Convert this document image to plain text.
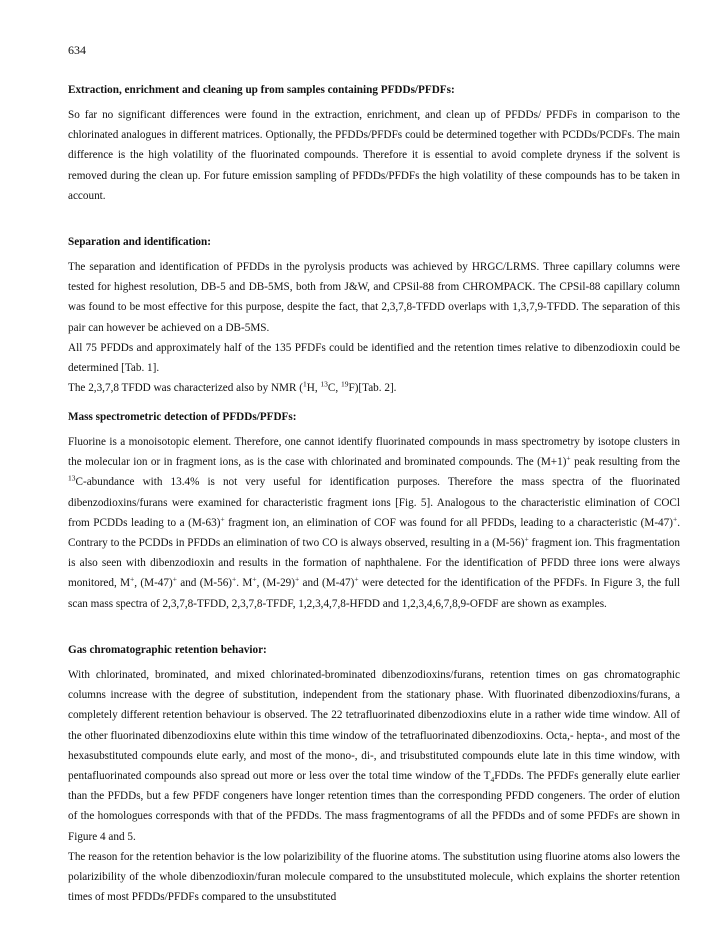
634
Extraction, enrichment and cleaning up from samples containing PFDDs/PFDFs:

So far no significant differences were found in the extraction, enrichment, and clean up of PFDDs/ PFDFs in comparison to the chlorinated analogues in different matrices. Optionally, the PFDDs/PFDFs could be determined together with PCDDs/PCDFs. The main difference is the high volatility of the fluorinated compounds. Therefore it is essential to avoid complete dryness if the solvent is removed during the clean up. For future emission sampling of PFDDs/PFDFs the high volatility of these compounds has to be taken in account.

Separation and identification:

The separation and identification of PFDDs in the pyrolysis products was achieved by HRGC/LRMS. Three capillary columns were tested for highest resolution, DB-5 and DB-5MS, both from J&W, and CPSil-88 from CHROMPACK. The CPSil-88 capillary column was found to be most effective for this purpose, despite the fact, that 2,3,7,8-TFDD overlaps with 1,3,7,9-TFDD. The separation of this pair can however be achieved on a DB-5MS.

All 75 PFDDs and approximately half of the 135 PFDFs could be identified and the retention times relative to dibenzodioxin could be determined [Tab. 1].

The 2,3,7,8 TFDD was characterized also by NMR ($^1$H, $^{13}$C, $^{19}$F)[Tab. 2].

Mass spectrometric detection of PFDDs/PFDFs:

Fluorine is a monoisotopic element. Therefore, one cannot identify fluorinated compounds in mass spectrometry by isotope clusters in the molecular ion or in fragment ions, as is the case with chlorinated and brominated compounds. The (M+1)+ peak resulting from the $^{13}$C-abundance with 13.4% is not very useful for identification purposes. Therefore the mass spectra of the fluorinated dibenzodioxins/furans were examined for characteristic fragment ions [Fig. 5]. Analogous to the characteristic elimination of COCl from PCDDs leading to a (M-63)+ fragment ion, an elimination of COF was found for all PFDDs, leading to a characteristic (M-47)+. Contrary to the PCDDs in PFDDs an elimination of two CO is always observed, resulting in a (M-56)+ fragment ion. This fragmentation is also seen with dibenzodioxin and results in the formation of naphthalene. For the identification of PFDD three ions were always monitored, M+, (M-47)+ and (M-56)+. M+, (M-29)+ and (M-47)+ were detected for the identification of the PFDFs. In Figure 3, the full scan mass spectra of 2,3,7,8-TFDD, 2,3,7,8-TFDF, 1,2,3,4,7,8-HFDD and 1,2,3,4,6,7,8,9-OFDF are shown as examples.

Gas chromatographic retention behavior:

With chlorinated, brominated, and mixed chlorinated-brominated dibenzodioxins/furans, retention times on gas chromatographic columns increase with the degree of substitution, independent from the stationary phase. With fluorinated dibenzodioxins/furans, a completely different retention behaviour is observed. The 22 tetrafluorinated dibenzodioxins elute in a rather wide time window. All of the other fluorinated dibenzodioxins elute within this time window of the tetrafluorinated dibenzodioxins. Octa,- hepta-, and most of the hexasubstituted compounds elute early, and most of the mono-, di-, and trisubstituted compounds elute late in this time window, with pentafluorinated compounds also spread out more or less over the total time window of the $T_4FDDs$. The PFDFs generally elute earlier than the PFDDs, but a few PFDF congeners have longer retention times than the corresponding PFDD congeners. The order of elution of the homologues corresponds with that of the PFDDs. The mass fragmentograms of all the PFDDs and of some PFDFs are shown in Figure 4 and 5.

The reason for the retention behavior is the low polarizibility of the fluorine atoms. The substitution using fluorine atoms also lowers the polarizibility of the whole dibenzodioxin/furan molecule compared to the unsubstituted molecule, which explains the shorter retention times of most PFDDs/PFDFs compared to the unsubstituted
